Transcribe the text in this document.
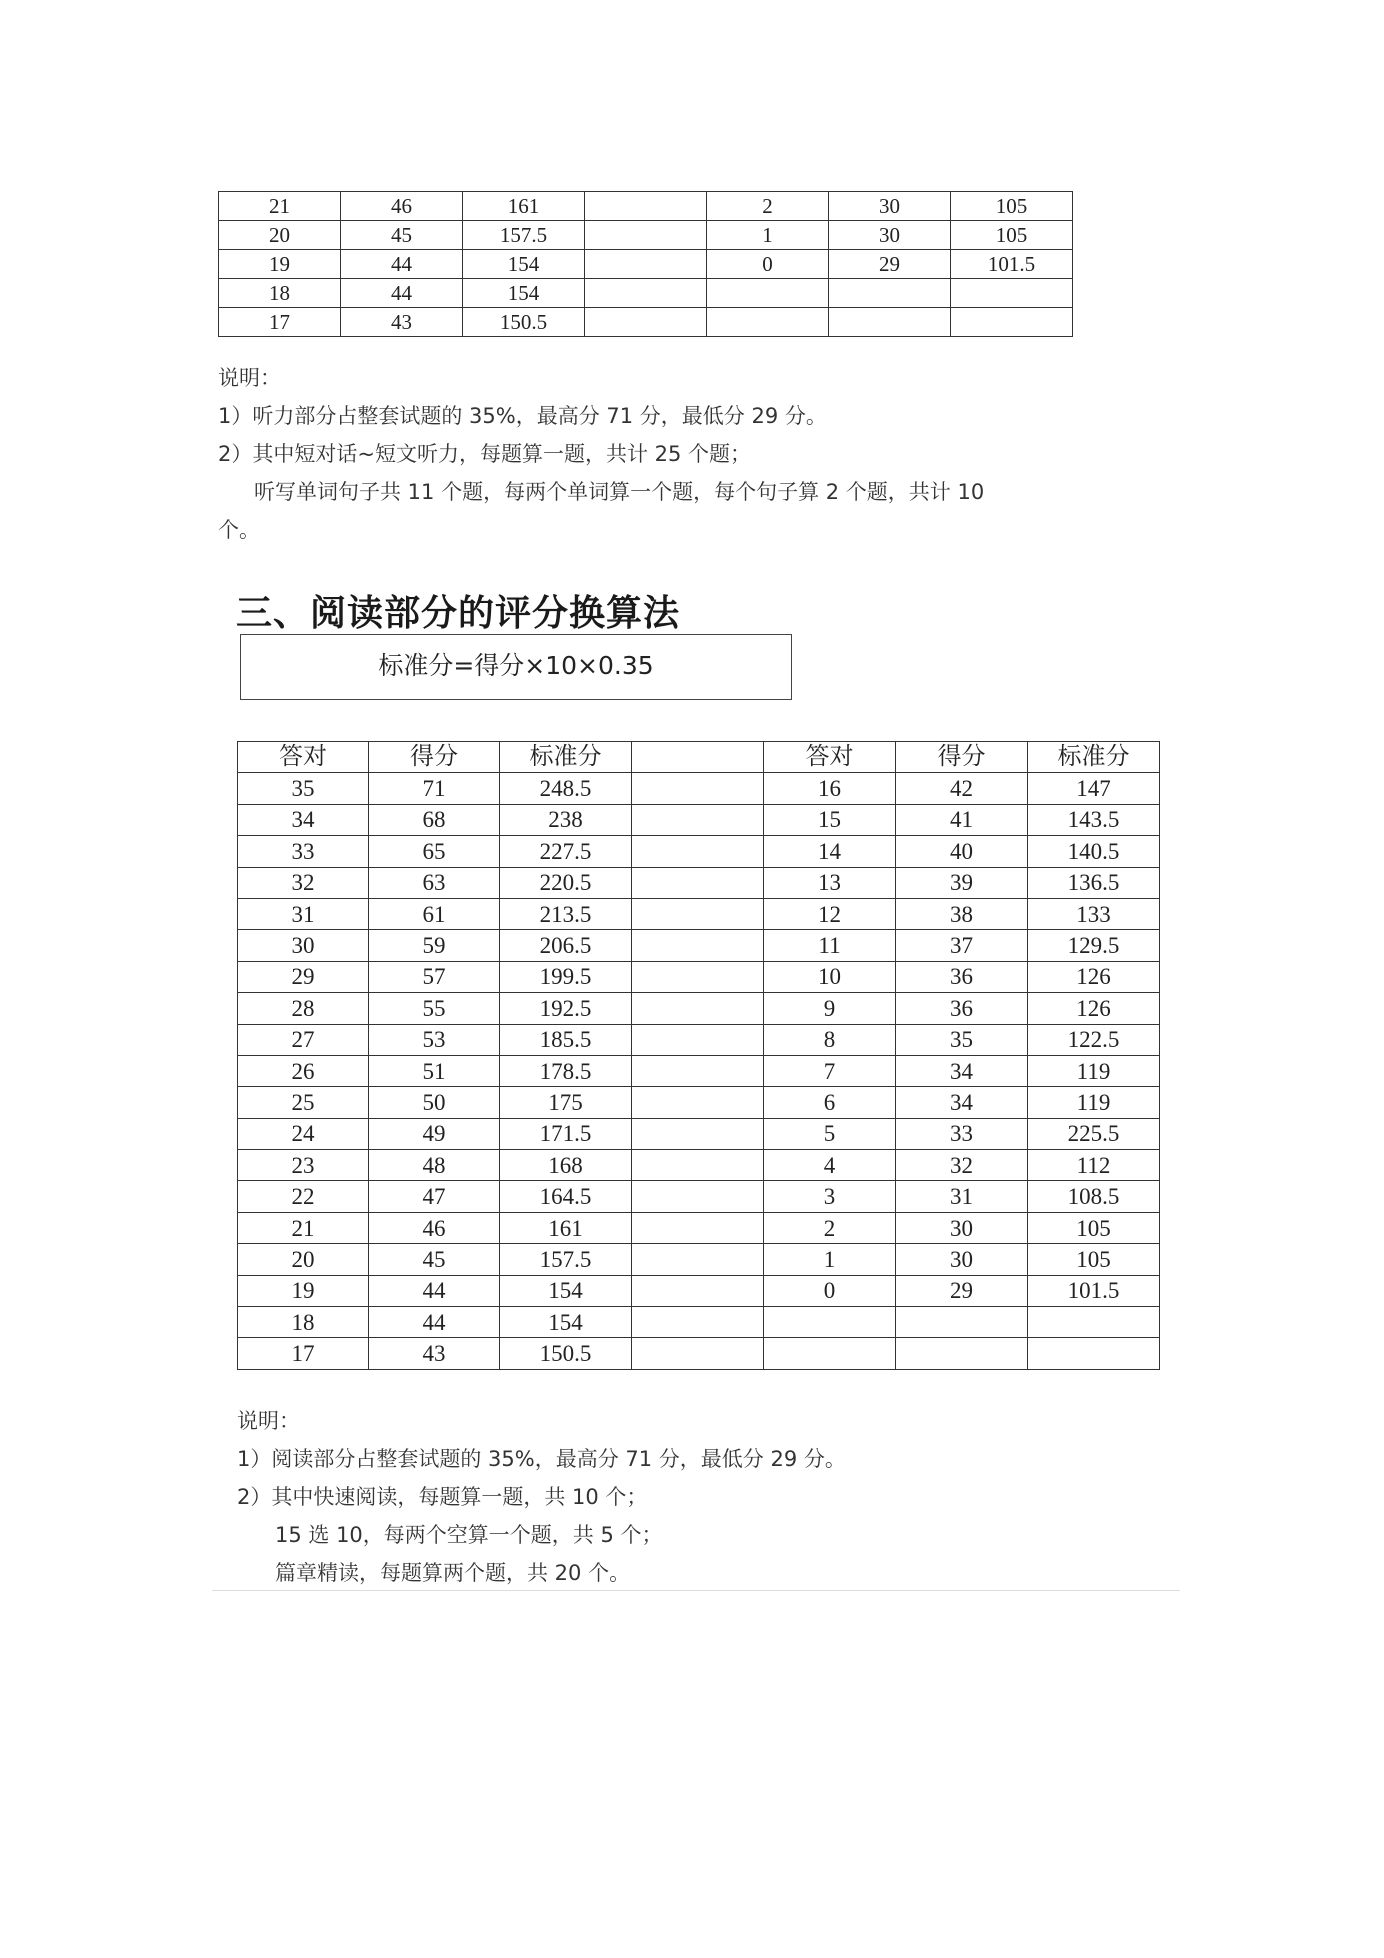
21	46	161		2	30	105
20	45	157.5		1	30	105
19	44	154		0	29	101.5
18	44	154				
17	43	150.5				
说明：
1）听力部分占整套试题的 35%，最高分 71 分，最低分 29 分。
2）其中短对话~短文听力，每题算一题，共计 25 个题；
听写单词句子共 11 个题，每两个单词算一个题，每个句子算 2 个题，共计 10
个。
三、阅读部分的评分换算法
标准分=得分×10×0.35
答对	得分	标准分		答对	得分	标准分
35	71	248.5		16	42	147
34	68	238		15	41	143.5
33	65	227.5		14	40	140.5
32	63	220.5		13	39	136.5
31	61	213.5		12	38	133
30	59	206.5		11	37	129.5
29	57	199.5		10	36	126
28	55	192.5		9	36	126
27	53	185.5		8	35	122.5
26	51	178.5		7	34	119
25	50	175		6	34	119
24	49	171.5		5	33	225.5
23	48	168		4	32	112
22	47	164.5		3	31	108.5
21	46	161		2	30	105
20	45	157.5		1	30	105
19	44	154		0	29	101.5
18	44	154				
17	43	150.5				
说明：
1）阅读部分占整套试题的 35%，最高分 71 分，最低分 29 分。
2）其中快速阅读，每题算一题，共 10 个；
15 选 10，每两个空算一个题，共 5 个；
篇章精读，每题算两个题，共 20 个。
